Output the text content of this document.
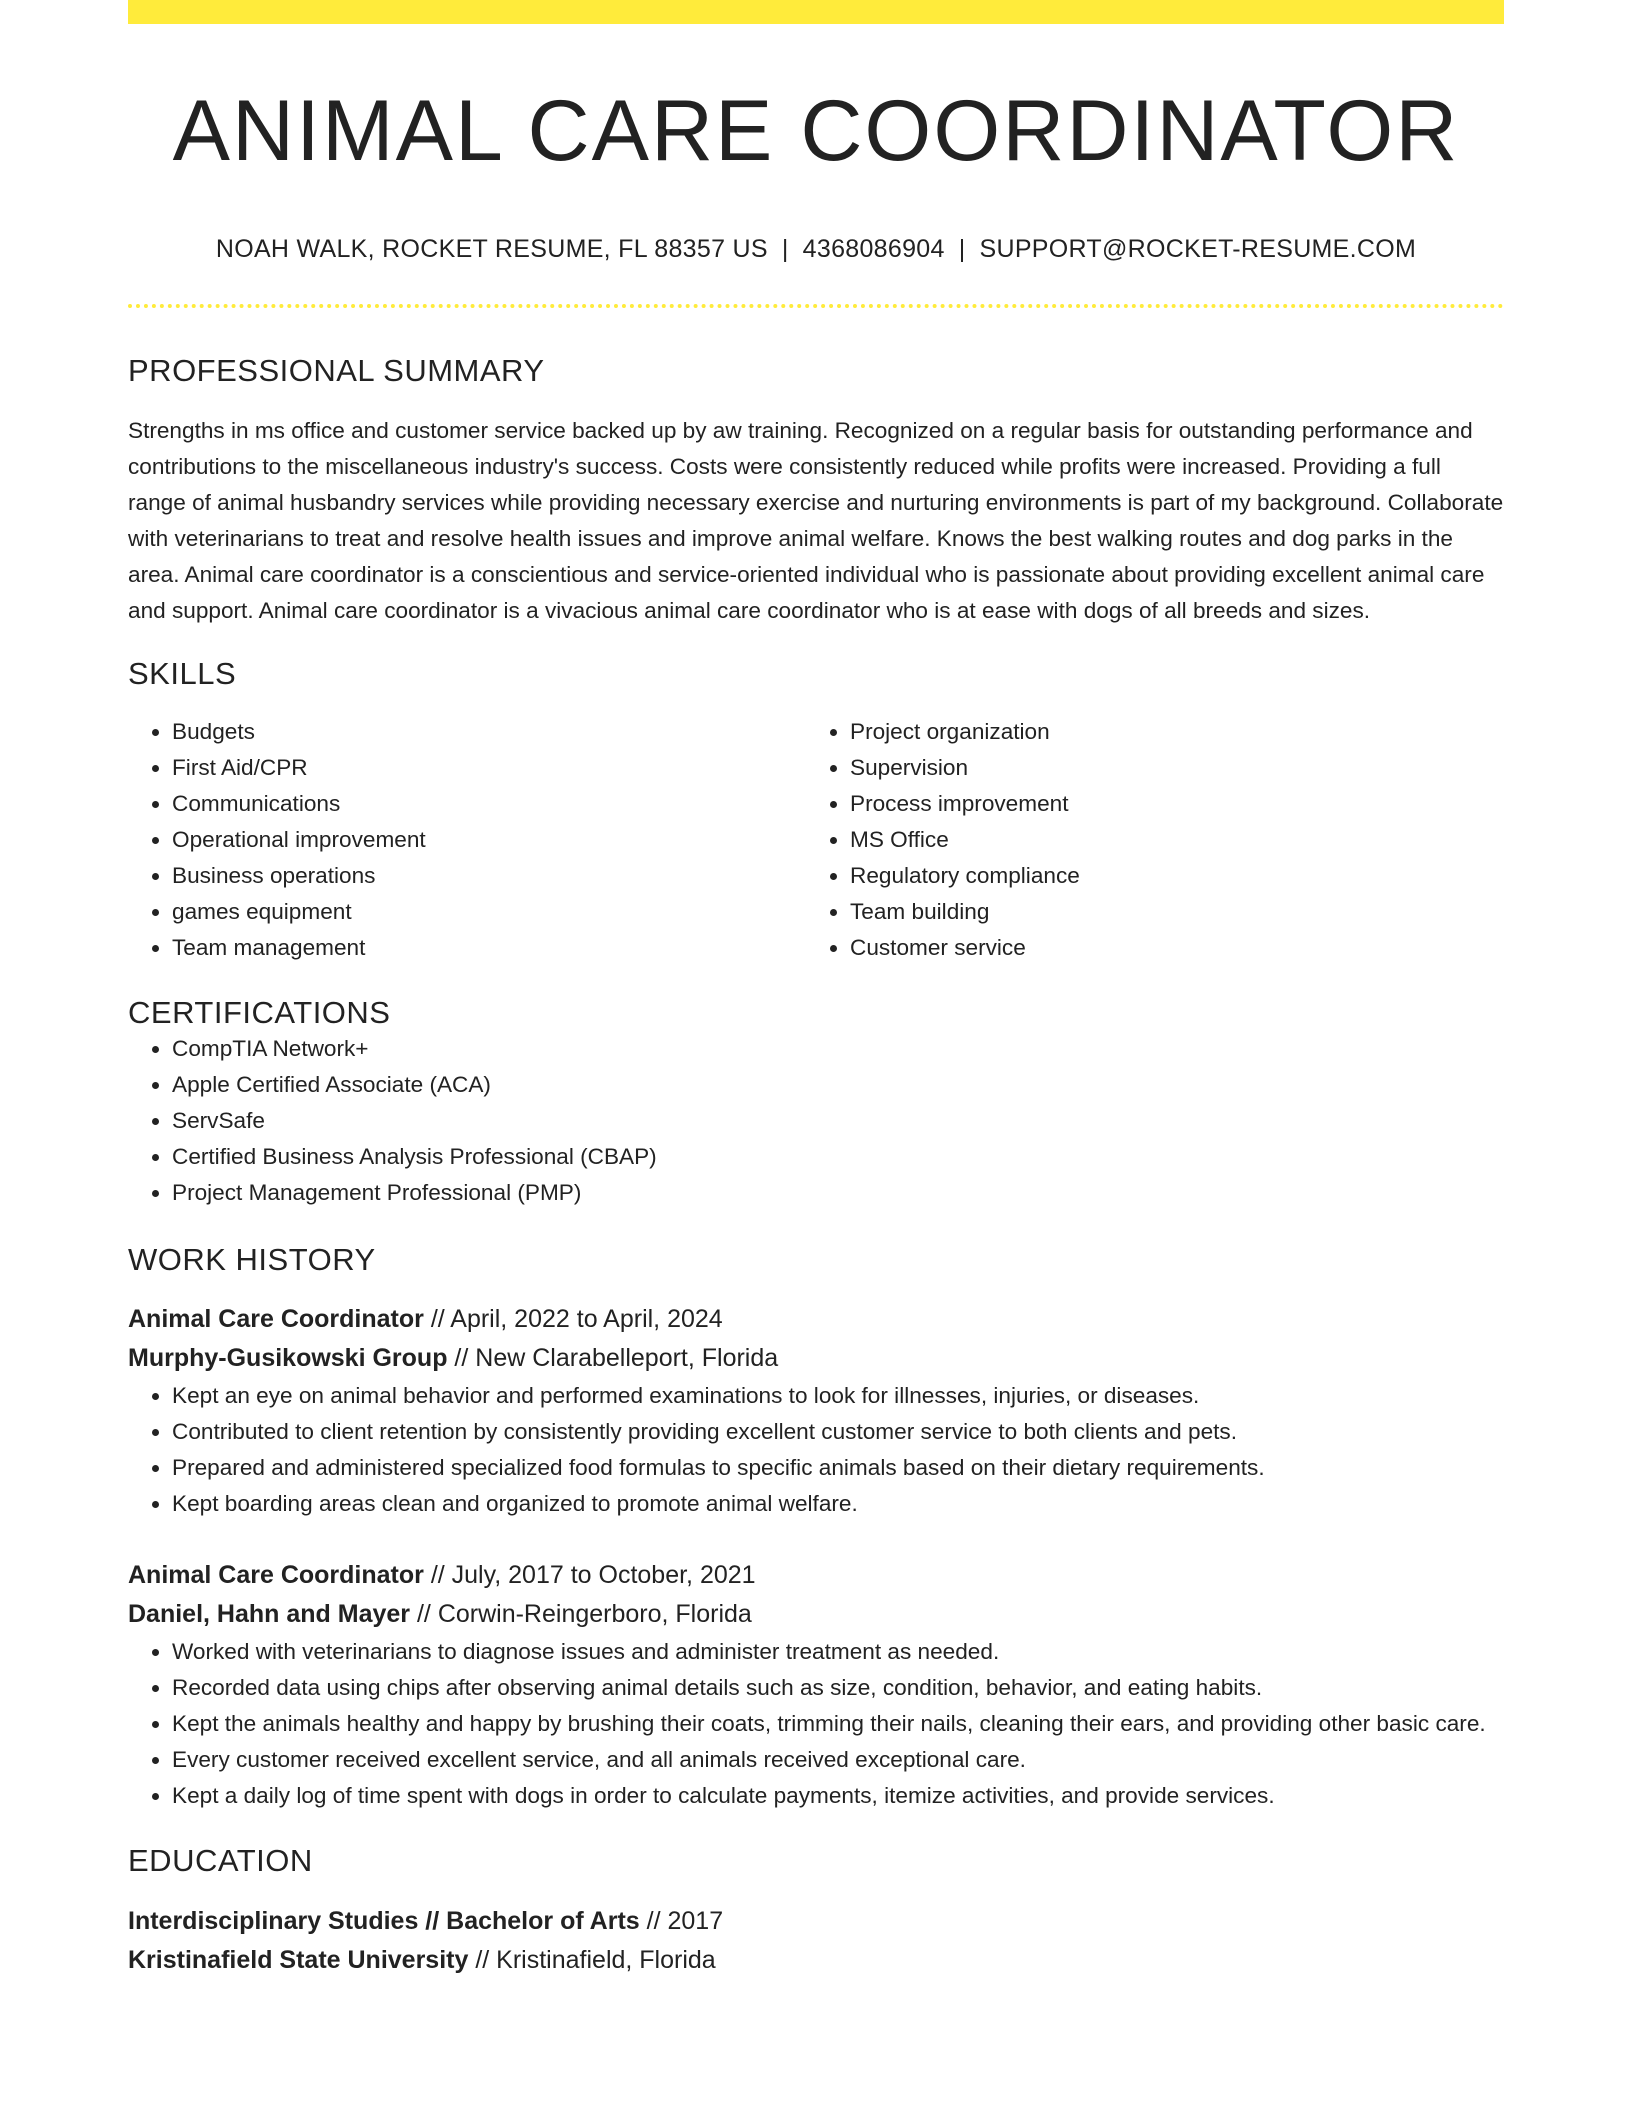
ANIMAL CARE COORDINATOR
NOAH WALK, ROCKET RESUME, FL 88357 US | 4368086904 | SUPPORT@ROCKET-RESUME.COM
PROFESSIONAL SUMMARY

Strengths in ms office and customer service backed up by aw training. Recognized on a regular basis for outstanding performance and contributions to the miscellaneous industry's success. Costs were consistently reduced while profits were increased. Providing a full range of animal husbandry services while providing necessary exercise and nurturing environments is part of my background. Collaborate with veterinarians to treat and resolve health issues and improve animal welfare. Knows the best walking routes and dog parks in the area. Animal care coordinator is a conscientious and service-oriented individual who is passionate about providing excellent animal care and support. Animal care coordinator is a vivacious animal care coordinator who is at ease with dogs of all breeds and sizes.

SKILLS
• Budgets
• First Aid/CPR
• Communications
• Operational improvement
• Business operations
• games equipment
• Team management
• Project organization
• Supervision
• Process improvement
• MS Office
• Regulatory compliance
• Team building
• Customer service
CERTIFICATIONS
• CompTIA Network+
• Apple Certified Associate (ACA)
• ServSafe
• Certified Business Analysis Professional (CBAP)
• Project Management Professional (PMP)
WORK HISTORY
Animal Care Coordinator // April, 2022 to April, 2024
Murphy-Gusikowski Group // New Clarabelleport, Florida
• Kept an eye on animal behavior and performed examinations to look for illnesses, injuries, or diseases.
• Contributed to client retention by consistently providing excellent customer service to both clients and pets.
• Prepared and administered specialized food formulas to specific animals based on their dietary requirements.
• Kept boarding areas clean and organized to promote animal welfare.
Animal Care Coordinator // July, 2017 to October, 2021
Daniel, Hahn and Mayer // Corwin-Reingerboro, Florida
• Worked with veterinarians to diagnose issues and administer treatment as needed.
• Recorded data using chips after observing animal details such as size, condition, behavior, and eating habits.
• Kept the animals healthy and happy by brushing their coats, trimming their nails, cleaning their ears, and providing other basic care.
• Every customer received excellent service, and all animals received exceptional care.
• Kept a daily log of time spent with dogs in order to calculate payments, itemize activities, and provide services.
EDUCATION
Interdisciplinary Studies // Bachelor of Arts // 2017
Kristinafield State University // Kristinafield, Florida
